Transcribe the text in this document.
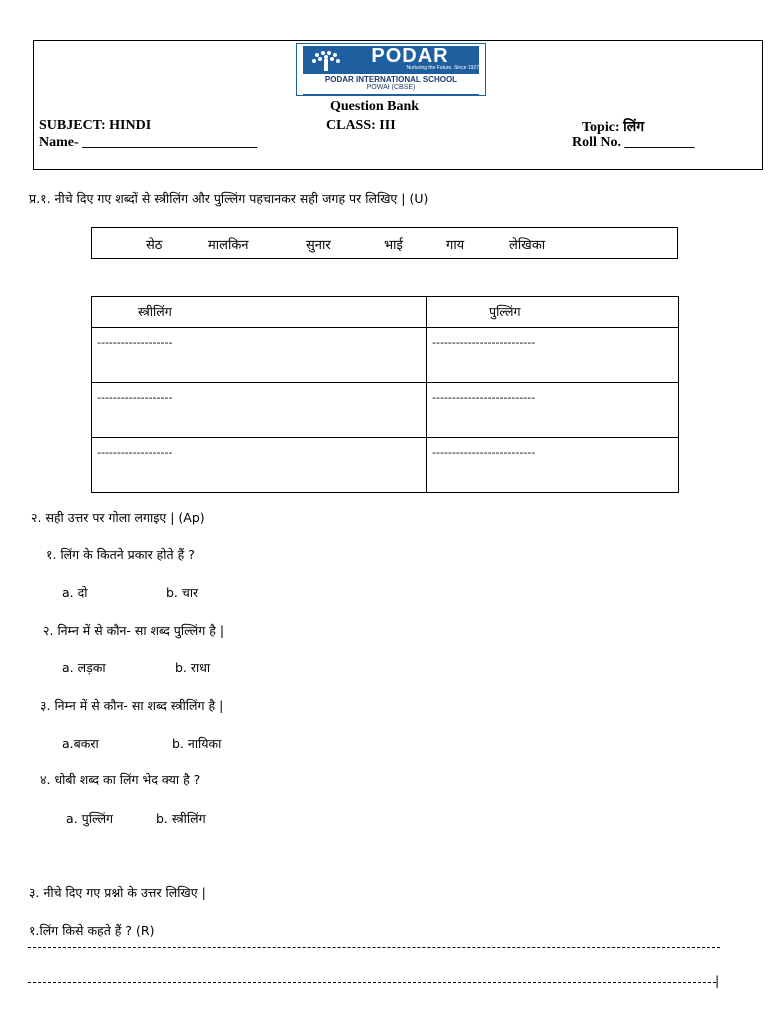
PODAR
Nurturing the Future. Since 1927
PODAR INTERNATIONAL SCHOOL
POWAI (CBSE)
Question Bank
SUBJECT: HINDI	CLASS: III	Topic: लिंग
Name- _________________________	Roll No. __________
प्र.१. नीचे दिए गए शब्दों से स्त्रीलिंग और पुल्लिंग पहचानकर सही जगह पर लिखिए | (U)
सेठ	मालकिन	सुनार	भाई	गाय	लेखिका
स्त्रीलिंग	पुल्लिंग
-------------------	--------------------------
-------------------	--------------------------
-------------------	--------------------------
२. सही उत्तर पर गोला लगाइए | (Ap)
१. लिंग के कितने प्रकार होते हैं ?
a. दो	b. चार
२. निम्न में से कौन- सा शब्द पुल्लिंग है |
a. लड़का	b. राधा
३. निम्न में से कौन- सा शब्द स्त्रीलिंग है |
a.बकरा	b. नायिका
४. धोबी शब्द का लिंग भेद क्या है ?
a. पुल्लिंग	b. स्त्रीलिंग
३. नीचे दिए गए प्रश्नो के उत्तर लिखिए |
१.लिंग किसे कहते हैं ? (R)
|
